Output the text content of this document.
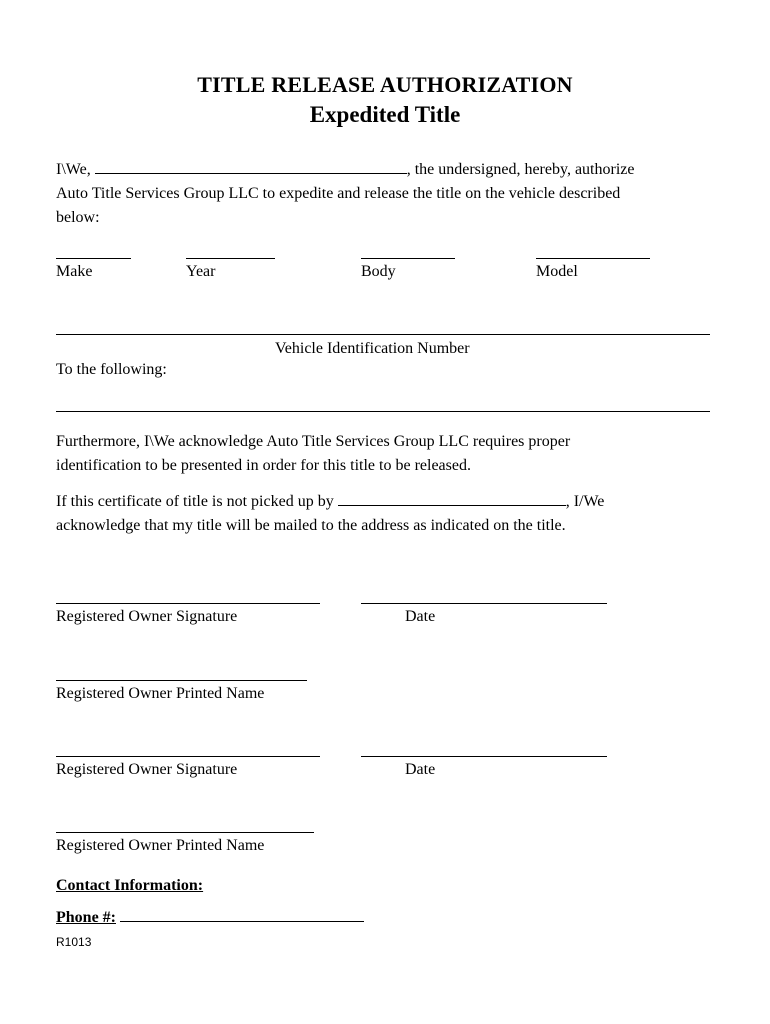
TITLE RELEASE AUTHORIZATION
Expedited Title
I\We,	, the undersigned, hereby, authorize
Auto Title Services Group LLC to expedite and release the title on the vehicle described
below:
Make	Year	Body	Model
Vehicle Identification Number
To the following:
Furthermore, I\We acknowledge Auto Title Services Group LLC requires proper
identification to be presented in order for this title to be released.
If this certificate of title is not picked up by	, I/We
acknowledge that my title will be mailed to the address as indicated on the title.
Registered Owner Signature	Date
Registered Owner Printed Name
Registered Owner Signature	Date
Registered Owner Printed Name
Contact Information:
Phone #:
R1013
